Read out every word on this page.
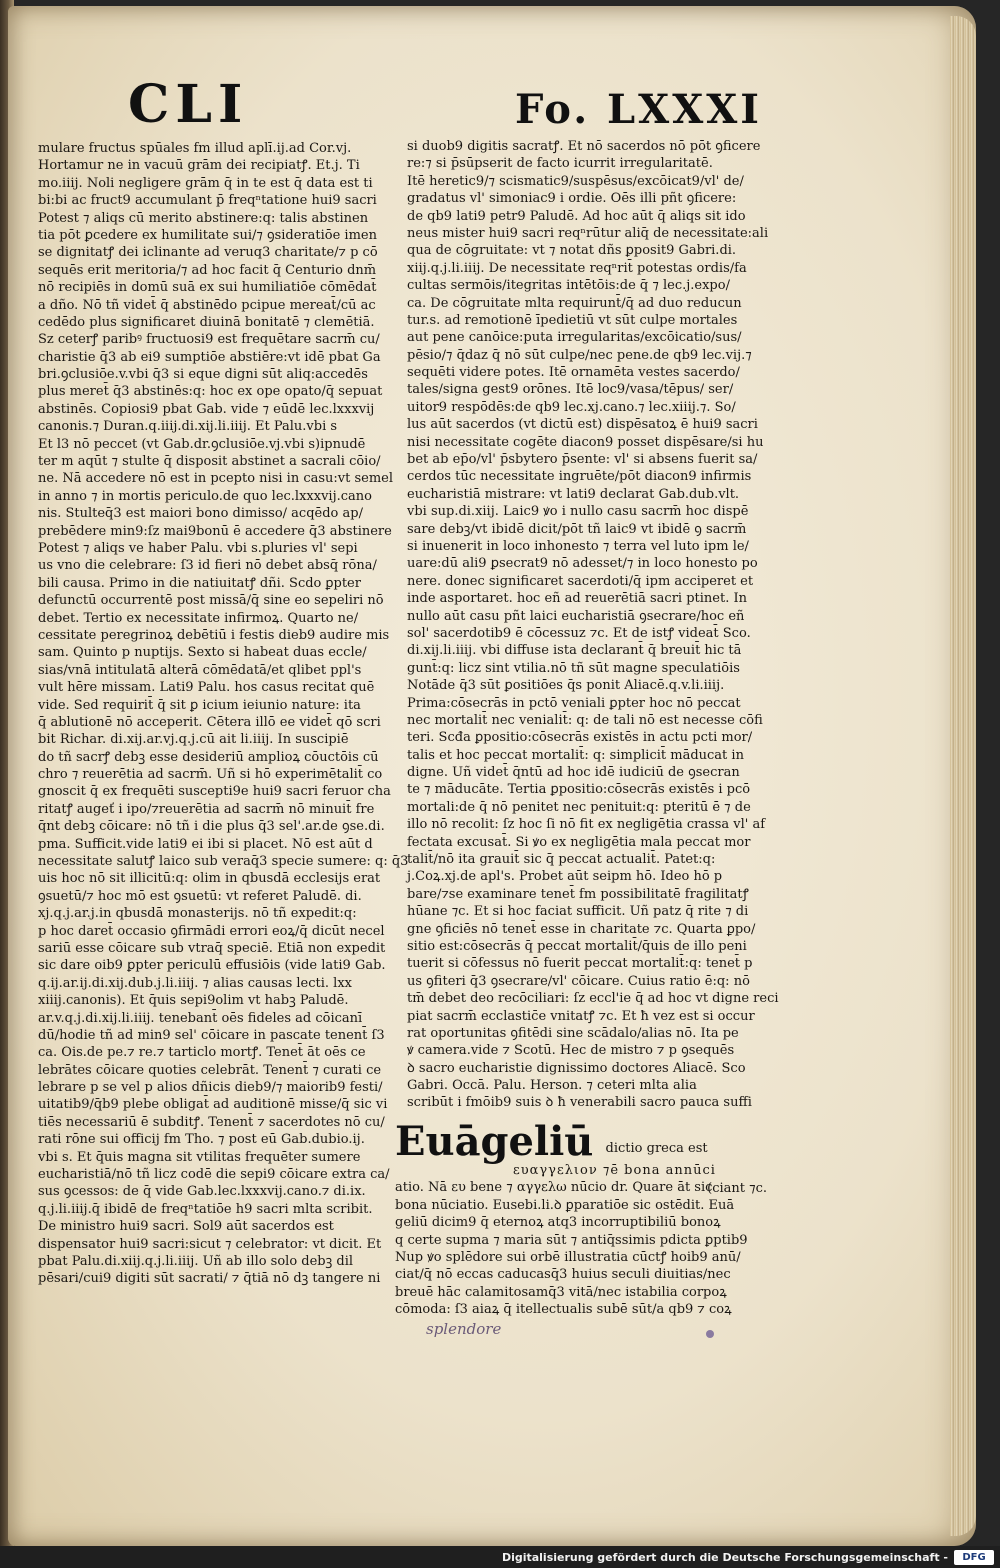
CLI	Fo. LXXXI
mulare fructus spūales fm illud aplī.ij.ad Cor.vj.
Hortamur ne in vacuū grām dei recipiatꝭ. Et.j. Ti
mo.iiij. Noli negligere grām q̄ in te est q̄ data est ti
bi:bi ac fruct9 accumulant p̄ freqⁿtatione hui9 sacri
Potest ⁊ aliqs cū merito abstinere:q: talis abstinen
tia pōt ꝑcedere ex humilitate sui/⁊ ꝯsideratiōe imen
se dignitatꝭ dei iclinante ad veruq3 charitate/⁊ p cō
sequēs erit meritoria/⁊ ad hoc facit q̄ Centurio dnm̄
nō recipiēs in domū suā ex sui humiliatiōe cōmēdat̄
a dño. Nō tñ videt̄ q̄ abstinēdo pcipue mereat̄/cū ac
cedēdo plus significaret diuinā bonitatē ⁊ clemētiā.
Sz ceterꝭ paribꝰ fructuosi9 est frequētare sacrm̄ cu/
charistie q̄3 ab ei9 sumptiōe abstiēre:vt idē pbat Ga
bri.ꝯclusiōe.v.vbi q̄3 si eque digni sūt aliq:accedēs
plus meret̄ q̄3 abstinēs:q: hoc ex ope opato/q̄ sepuat
abstinēs. Copiosi9 pbat Gab. vide ⁊ eūdē lec.lxxxvij
canonis.⁊ Duran.q.iiij.di.xij.li.iiij. Et Palu.vbi s
Et l3 nō peccet (vt Gab.dr.ꝯclusiōe.vj.vbi s)ipnudē
ter m aqūt ⁊ stulte q̄ disposit abstinet a sacrali cōio/
ne. Nā accedere nō est in pcepto nisi in casu:vt semel
in anno ⁊ in mortis periculo.de quo lec.lxxxvij.cano
nis. Stulteq̄3 est maiori bono dimisso/ acqēdo ap/
prebēdere min9:ſz mai9bonū ē accedere q̄3 abstinere
Potest ⁊ aliqs ve haber Palu. vbi s.pluries vl' sepi
us vno die celebrare: ſ3 id fieri nō debet absq̄ rōna/
bili causa. Primo in die natiuitatꝭ dñi. Scdo ꝑpter
defunctū occurrentē post missā/q̄ sine eo sepeliri nō
debet. Tertio ex necessitate infirmoꝝ. Quarto ne/
cessitate peregrinoꝝ debētiū i festis dieb9 audire mis
sam. Quinto p nuptijs. Sexto si habeat duas eccle/
sias/vnā intitulatā alterā cōmēdatā/et qlibet ppl's
vult hēre missam. Lati9 Palu. hos casus recitat quē
vide. Sed requirit̄ q̄ sit ꝑ icium ieiunio nature: ita
q̄ ablutionē nō acceperit. Cētera illō ee videt̄ qō scri
bit Richar. di.xij.ar.vj.q.j.cū ait li.iiij. In suscipiē
do tñ sacrꝭ debꝫ esse desideriū amplioꝝ cōuctōis cū
chro ⁊ reuerētia ad sacrm̄. Uñ si hō experimētalit̄ co
gnoscit q̄ ex frequēti suscepti9e hui9 sacri feruor cha
ritatꝭ augeť i ipo/⁊reuerētia ad sacrm̄ nō minuit̄ fre
q̄nt debꝫ cōicare: nō tñ i die plus q̄3 sel'.ar.de ꝯse.di.
pma. Sufficit.vide lati9 ei ibi si placet. Nō est aūt d
necessitate salutꝭ laico sub veraq̄3 specie sumere: q: q̄3
uis hoc nō sit illicitū:q: olim in qbusdā ecclesijs erat
ꝯsuetū/⁊ hoc mō est ꝯsuetū: vt referet Paludē. di.
xj.q.j.ar.j.in qbusdā monasterijs. nō tñ expedit:q:
p hoc daret̄ occasio ꝯfirmādi errori eoꝝ/q̄ dicūt necel
sariū esse cōicare sub vtraq̄ speciē. Etiā non expedit
sic dare oib9 ꝑpter periculū effusiōis (vide lati9 Gab.
q.ij.ar.ij.di.xij.dub.j.li.iiij. ⁊ alias causas lecti. lxx
xiiij.canonis). Et q̄uis sepi9olim vt habꝫ Paludē.
ar.v.q.j.di.xij.li.iiij. tenebant̄ oēs fideles ad cōicanī
dū/hodie tñ ad min9 sel' cōicare in pascate tenent̄ ſ3
ca. Ois.de pe.⁊ re.⁊ tarticlo mortꝭ. Tenet̄ āt oēs ce
lebrātes cōicare quoties celebrāt. Tenent̄ ⁊ curati ce
lebrare p se vel p alios dñicis dieb9/⁊ maiorib9 festi/
uitatib9/q̄b9 plebe obligat̄ ad auditionē misse/q̄ sic vi
tiēs necessariū ē subditꝭ. Tenent̄ ⁊ sacerdotes nō cu/
rati rōne sui officij fm Tho. ⁊ post eū Gab.dubio.ij.
vbi s. Et q̄uis magna sit vtilitas frequēter sumere
eucharistiā/nō tñ licz codē die sepi9 cōicare extra ca/
sus ꝯcessos: de q̄ vide Gab.lec.lxxxvij.cano.⁊ di.ix.
q.j.li.iiij.q̄ ibidē de freqⁿtatiōe h9 sacri mlta scribit.
De ministro hui9 sacri. Sol9 aūt sacerdos est
dispensator hui9 sacri:sicut ⁊ celebrator: vt dicit. Et
pbat Palu.di.xiij.q.j.li.iiij. Uñ ab illo solo debꝫ dil
pēsari/cui9 digiti sūt sacrati/ ⁊ q̄tiā nō dꝫ tangere ni
si duob9 digitis sacratꝭ. Et nō sacerdos nō pōt ꝯficere
re:⁊ si p̄sūpserit de facto icurrit irregularitatē.
Itē heretic9/⁊ scismatic9/suspēsus/excōicat9/vl' de/
gradatus vl' simoniac9 i ordie. Oēs illi pñt ꝯficere:
de qb9 lati9 petr9 Paludē. Ad hoc aūt q̄ aliqs sit ido
neus mister hui9 sacri reqⁿrūtur aliq̄ de necessitate:ali
qua de cōgruitate: vt ⁊ notat dñs ꝑposit9 Gabri.di.
xiij.q.j.li.iiij. De necessitate reqⁿrit̄ potestas ordis/fa
cultas sermōis/itegritas intētōis:de q̄ ⁊ lec.j.expo/
ca. De cōgruitate mlta requirunt̄/q̄ ad duo reducun
tur.s. ad remotionē īpedietiū vt sūt culpe mortales
aut pene canōice:puta irregularitas/excōicatio/sus/
pēsio/⁊ q̄daz q̄ nō sūt culpe/nec pene.de qb9 lec.vij.⁊
sequēti videre potes. Itē ornamēta vestes sacerdo/
tales/signa gest9 orōnes. Itē loc9/vasa/tēpus/ ser/
uitor9 respōdēs:de qb9 lec.xj.cano.⁊ lec.xiiij.⁊. So/
lus aūt sacerdos (vt dictū est) dispēsatoꝝ ē hui9 sacri
nisi necessitate cogēte diacon9 posset dispēsare/si hu
bet ab ep̄o/vl' p̄sbytero p̄sente: vl' si absens fuerit sa/
cerdos tūc necessitate ingruēte/pōt diacon9 infirmis
eucharistiā mistrare: vt lati9 declarat Gab.dub.vlt.
vbi sup.di.xiij. Laic9 ꝟo i nullo casu sacrm̄ hoc dispē
sare debꝫ/vt ibidē dicit/pōt tñ laic9 vt ibidē ꝯ sacrm̄
si inuenerit in loco inhonesto ⁊ terra vel luto ipm le/
uare:dū ali9 ꝑsecrat9 nō adesset/⁊ in loco honesto po
nere. donec significaret sacerdoti/q̄ ipm acciperet et
inde asportaret. hoc eñ ad reuerētiā sacri ptinet. In
nullo aūt casu pñt laici eucharistiā ꝯsecrare/hoc eñ
sol' sacerdotib9 ē cōcessuz ⁊c. Et de istꝭ videat̄ Sco.
di.xij.li.iiij. vbi diffuse ista declarant̄ q̄ breuit̄ hic tā
gunt̄:q: licz sint vtilia.nō tñ sūt magne speculatiōis
Notāde q̄3 sūt ꝑositiōes q̄s ponit Aliacē.q.v.li.iiij.
Prima:cōsecrās in pctō veniali ꝑpter hoc nō peccat
nec mortalit̄ nec venialit̄: q: de tali nō est necesse cōfi
teri. Scđa ꝑpositio:cōsecrās existēs in actu pcti mor/
talis et hoc peccat mortalit̄: q: simplicit̄ māducat in
digne. Uñ videt̄ q̄ntū ad hoc idē iudiciū de ꝯsecran
te ⁊ māducāte. Tertia ꝑpositio:cōsecrās existēs i pcō
mortali:de q̄ nō penitet nec penituit:q: pteritū ē ⁊ de
illo nō recolit: ſz hoc ſi nō fit ex negligētia crassa vl' af
fectata excusat̄. Si ꝟo ex negligētia mala peccat mor
talit̄/nō ita grauit̄ sic q̄ peccat actualit̄. Patet:q:
j.Coꝝ.xj.de apl's. Probet aūt seipm hō. Ideo hō p
bare/⁊se examinare tenet̄ fm possibilitatē fragilitatꝭ
hūane ⁊c. Et si hoc faciat sufficit. Uñ patz q̄ rite ⁊ di
gne ꝯficiēs nō tenet̄ esse in charitate ⁊c. Quarta ꝑpo/
sitio est:cōsecrās q̄ peccat mortalit̄/q̄uis de illo peni
tuerit si cōfessus nō fuerit peccat mortalit̄:q: tenet̄ p
us ꝯfiteri q̄3 ꝯsecrare/vl' cōicare. Cuius ratio ē:q: nō
tm̄ debet deo recōciliari: ſz eccl'ie q̄ ad hoc vt digne reci
piat sacrm̄ ecclastic̄e vnitatꝭ ⁊c. Et ħ vez est si occur
rat oportunitas ꝯfitēdi sine scādalo/alias nō. Ita pe
ꝟ camera.vide ⁊ Scotū. Hec de mistro ⁊ p ꝯsequēs
ꝺ sacro eucharistie dignissimo doctores Aliacē. Sco
Gabri. Occā. Palu. Herson. ⁊ ceteri mlta alia
scribūt i fmōib9 suis ꝺ ħ venerabili sacro pauca suffi
Euāgeliū dictio greca est
(ciant ⁊c.
ευαγγελιον ⁊ē bona annūci
atio. Nā ευ bene ⁊ αγγελω nūcio dr. Quare āt sic
bona nūciatio. Eusebi.li.ꝺ ꝑparatiōe sic ostēdit. Euā
geliū dicim9 q̄ eternoꝝ atq3 incorruptibiliū bonoꝝ
q certe supma ⁊ maria sūt ⁊ antiq̄ssimis pdicta ꝑptib9
Nup ꝟo splēdore sui orbē illustratia cūctꝭ hoib9 anū/
ciat/q̄ nō eccas caducasq̄3 huius seculi diuitias/nec
breuē hāc calamitosamq̄3 vitā/nec istabilia corpoꝝ
cōmoda: ſ3 aiaꝝ q̄ itellectualis subē sūt/a qb9 ⁊ coꝝ
splendore
Digitalisierung gefördert durch die Deutsche Forschungsgemeinschaft -	DFG
